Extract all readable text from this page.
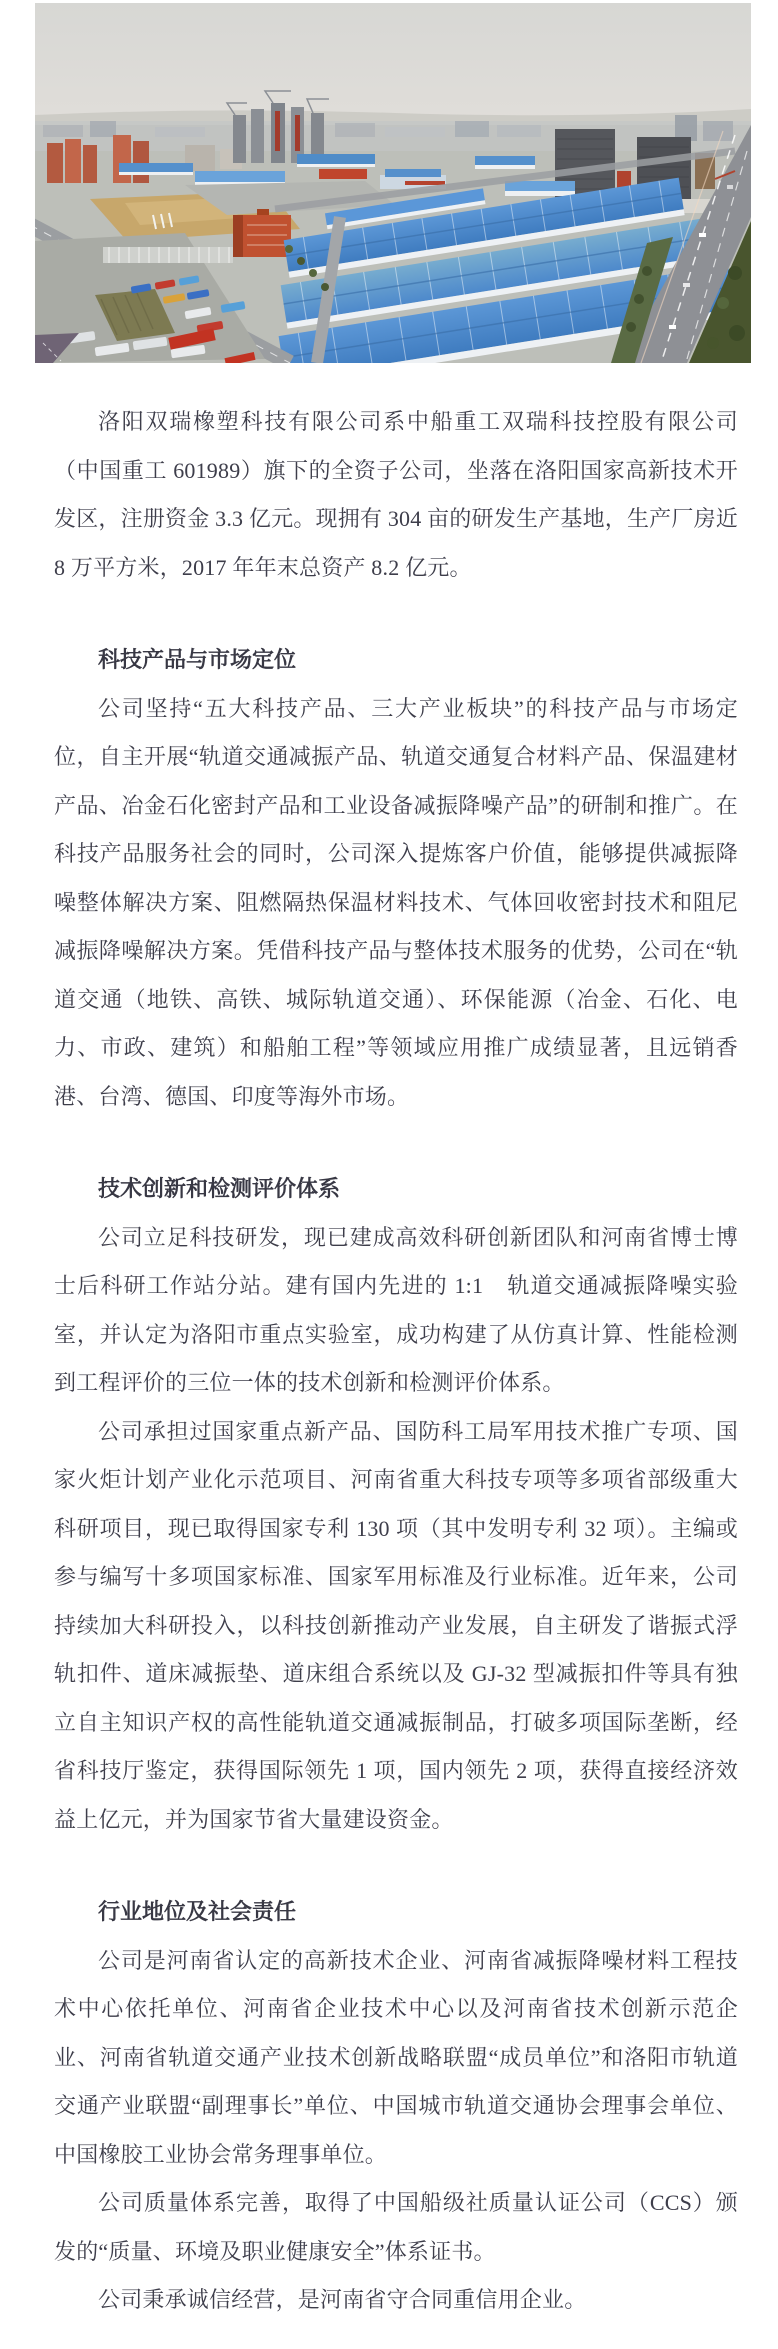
洛阳双瑞橡塑科技有限公司系中船重工双瑞科技控股有限公司（中国重工 601989）旗下的全资子公司，坐落在洛阳国家高新技术开发区，注册资金 3.3 亿元。现拥有 304 亩的研发生产基地，生产厂房近 8 万平方米，2017 年年末总资产 8.2 亿元。

科技产品与市场定位

公司坚持“五大科技产品、三大产业板块”的科技产品与市场定位，自主开展“轨道交通减振产品、轨道交通复合材料产品、保温建材产品、冶金石化密封产品和工业设备减振降噪产品”的研制和推广。在科技产品服务社会的同时，公司深入提炼客户价值，能够提供减振降噪整体解决方案、阻燃隔热保温材料技术、气体回收密封技术和阻尼减振降噪解决方案。凭借科技产品与整体技术服务的优势，公司在“轨道交通（地铁、高铁、城际轨道交通）、环保能源（冶金、石化、电力、市政、建筑）和船舶工程”等领域应用推广成绩显著，且远销香港、台湾、德国、印度等海外市场。

技术创新和检测评价体系

公司立足科技研发，现已建成高效科研创新团队和河南省博士博士后科研工作站分站。建有国内先进的 1:1　轨道交通减振降噪实验室，并认定为洛阳市重点实验室，成功构建了从仿真计算、性能检测到工程评价的三位一体的技术创新和检测评价体系。

公司承担过国家重点新产品、国防科工局军用技术推广专项、国家火炬计划产业化示范项目、河南省重大科技专项等多项省部级重大科研项目，现已取得国家专利 130 项（其中发明专利 32 项）。主编或参与编写十多项国家标准、国家军用标准及行业标准。近年来，公司持续加大科研投入，以科技创新推动产业发展，自主研发了谐振式浮轨扣件、道床减振垫、道床组合系统以及 GJ-32 型减振扣件等具有独立自主知识产权的高性能轨道交通减振制品，打破多项国际垄断，经省科技厅鉴定，获得国际领先 1 项，国内领先 2 项，获得直接经济效益上亿元，并为国家节省大量建设资金。

行业地位及社会责任

公司是河南省认定的高新技术企业、河南省减振降噪材料工程技术中心依托单位、河南省企业技术中心以及河南省技术创新示范企业、河南省轨道交通产业技术创新战略联盟“成员单位”和洛阳市轨道交通产业联盟“副理事长”单位、中国城市轨道交通协会理事会单位、中国橡胶工业协会常务理事单位。

公司质量体系完善，取得了中国船级社质量认证公司（CCS）颁发的“质量、环境及职业健康安全”体系证书。

公司秉承诚信经营，是河南省守合同重信用企业。
